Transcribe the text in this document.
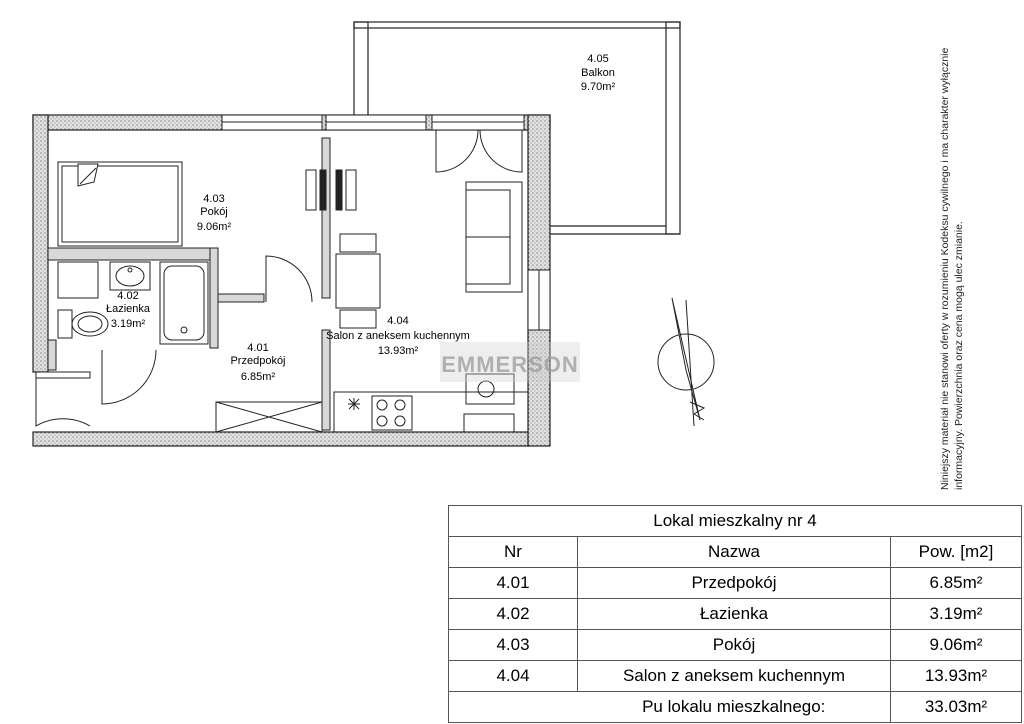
4.05
Balkon
9.70m²
4.03
Pokój
9.06m²
4.02
Łazienka
3.19m²
4.01
Przedpokój
6.85m²
4.04
Salon z aneksem kuchennym
13.93m²
EMMERSON	Niniejszy materiał nie stanowi oferty w rozumieniu Kodeksu cywilnego i ma charakter wyłącznie informacyjny. Powierzchnia oraz cena mogą ulec zmianie.
Lokal mieszkalny nr 4		
Nr	Nazwa	Pow. [m2]
4.01	Przedpokój	6.85m²
4.02	Łazienka	3.19m²
4.03	Pokój	9.06m²
4.04	Salon z aneksem kuchennym	13.93m²
	Pu lokalu mieszkalnego:	33.03m²
